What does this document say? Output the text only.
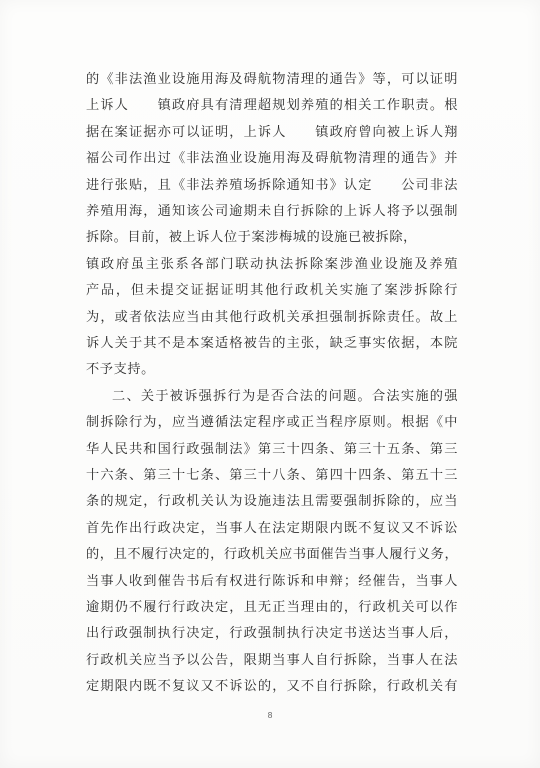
的《非法渔业设施用海及碍航物清理的通告》等，可以证明
上诉人　　镇政府具有清理超规划养殖的相关工作职责。根
据在案证据亦可以证明，上诉人　　镇政府曾向被上诉人翔
福公司作出过《非法渔业设施用海及碍航物清理的通告》并
进行张贴，且《非法养殖场拆除通知书》认定　　公司非法
养殖用海，通知该公司逾期未自行拆除的上诉人将予以强制
拆除。目前，被上诉人位于案涉梅城的设施已被拆除，
镇政府虽主张系各部门联动执法拆除案涉渔业设施及养殖
产品，但未提交证据证明其他行政机关实施了案涉拆除行
为，或者依法应当由其他行政机关承担强制拆除责任。故上
诉人关于其不是本案适格被告的主张，缺乏事实依据，本院
不予支持。
二、关于被诉强拆行为是否合法的问题。合法实施的强
制拆除行为，应当遵循法定程序或正当程序原则。根据《中
华人民共和国行政强制法》第三十四条、第三十五条、第三
十六条、第三十七条、第三十八条、第四十四条、第五十三
条的规定，行政机关认为设施违法且需要强制拆除的，应当
首先作出行政决定，当事人在法定期限内既不复议又不诉讼
的，且不履行决定的，行政机关应书面催告当事人履行义务，
当事人收到催告书后有权进行陈诉和申辩；经催告，当事人
逾期仍不履行行政决定，且无正当理由的，行政机关可以作
出行政强制执行决定，行政强制执行决定书送达当事人后，
行政机关应当予以公告，限期当事人自行拆除，当事人在法
定期限内既不复议又不诉讼的，又不自行拆除，行政机关有
8
